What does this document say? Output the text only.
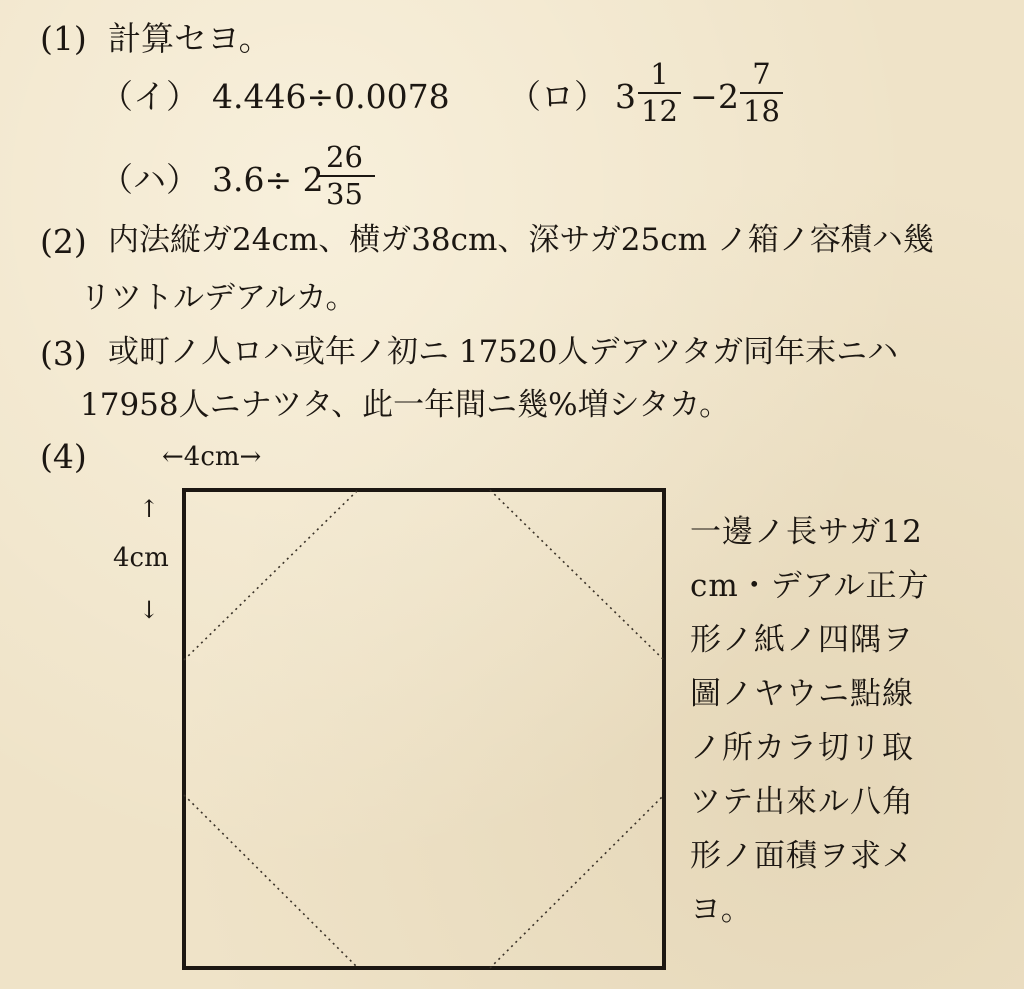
(1) 計算セヨ。
（イ） 4.446÷0.0078 （ロ） $3 \frac{1}{12} - 2 \frac{7}{18}$
（ハ） 3.6÷ 2
$\frac{26}{35}$
(2) 内法縦ガ24cm、横ガ38cm、深サガ25cm ノ箱ノ容積ハ幾
リツトルデアルカ。
(3) 或町ノ人ロハ或年ノ初ニ 17520人デアツタガ同年末ニハ
17958人ニナツタ、此一年間ニ幾%増シタカ。
(4)	←4cm→
↑
4cm
↓
一邊ノ長サガ12
cm・デアル正方
形ノ紙ノ四隅ヲ
圖ノヤウニ點線
ノ所カラ切リ取
ツテ出來ル八角
形ノ面積ヲ求メ
ヨ。
